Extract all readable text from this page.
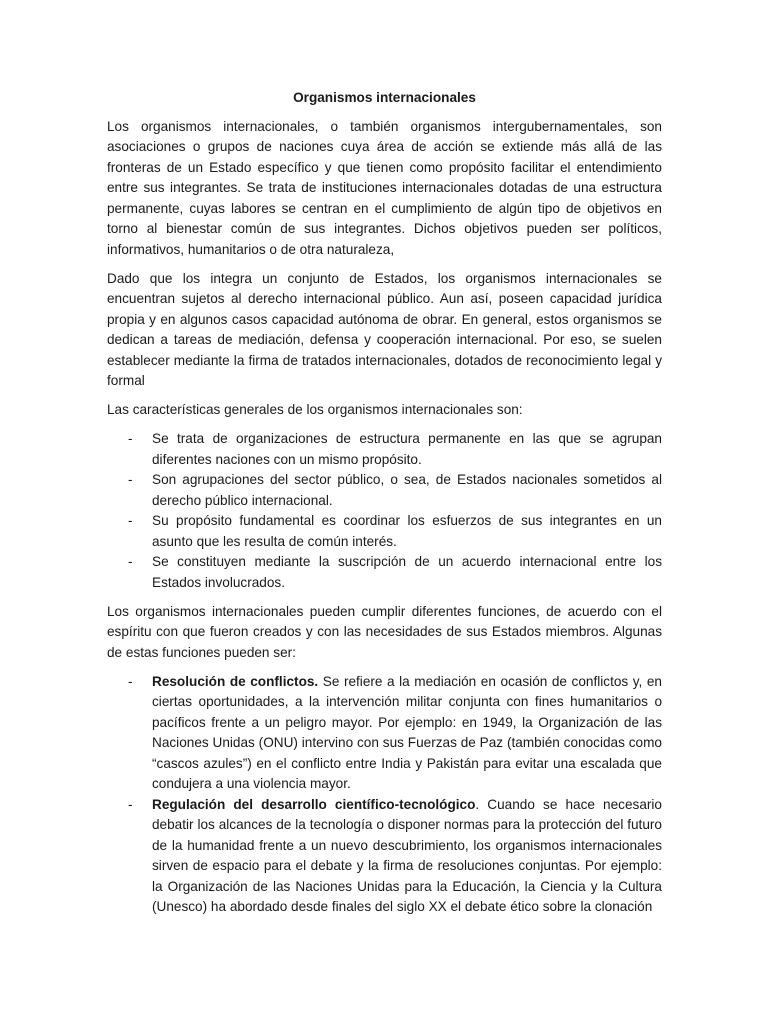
Organismos internacionales

Los organismos internacionales, o también organismos intergubernamentales, son asociaciones o grupos de naciones cuya área de acción se extiende más allá de las fronteras de un Estado específico y que tienen como propósito facilitar el entendimiento entre sus integrantes. Se trata de instituciones internacionales dotadas de una estructura permanente, cuyas labores se centran en el cumplimiento de algún tipo de objetivos en torno al bienestar común de sus integrantes. Dichos objetivos pueden ser políticos, informativos, humanitarios o de otra naturaleza,

Dado que los integra un conjunto de Estados, los organismos internacionales se encuentran sujetos al derecho internacional público. Aun así, poseen capacidad jurídica propia y en algunos casos capacidad autónoma de obrar. En general, estos organismos se dedican a tareas de mediación, defensa y cooperación internacional. Por eso, se suelen establecer mediante la firma de tratados internacionales, dotados de reconocimiento legal y formal

Las características generales de los organismos internacionales son:

- Se trata de organizaciones de estructura permanente en las que se agrupan diferentes naciones con un mismo propósito.
- Son agrupaciones del sector público, o sea, de Estados nacionales sometidos al derecho público internacional.
- Su propósito fundamental es coordinar los esfuerzos de sus integrantes en un asunto que les resulta de común interés.
- Se constituyen mediante la suscripción de un acuerdo internacional entre los Estados involucrados.

Los organismos internacionales pueden cumplir diferentes funciones, de acuerdo con el espíritu con que fueron creados y con las necesidades de sus Estados miembros. Algunas de estas funciones pueden ser:

- Resolución de conflictos. Se refiere a la mediación en ocasión de conflictos y, en ciertas oportunidades, a la intervención militar conjunta con fines humanitarios o pacíficos frente a un peligro mayor. Por ejemplo: en 1949, la Organización de las Naciones Unidas (ONU) intervino con sus Fuerzas de Paz (también conocidas como “cascos azules”) en el conflicto entre India y Pakistán para evitar una escalada que condujera a una violencia mayor.
- Regulación del desarrollo científico-tecnológico. Cuando se hace necesario debatir los alcances de la tecnología o disponer normas para la protección del futuro de la humanidad frente a un nuevo descubrimiento, los organismos internacionales sirven de espacio para el debate y la firma de resoluciones conjuntas. Por ejemplo: la Organización de las Naciones Unidas para la Educación, la Ciencia y la Cultura (Unesco) ha abordado desde finales del siglo XX el debate ético sobre la clonación
